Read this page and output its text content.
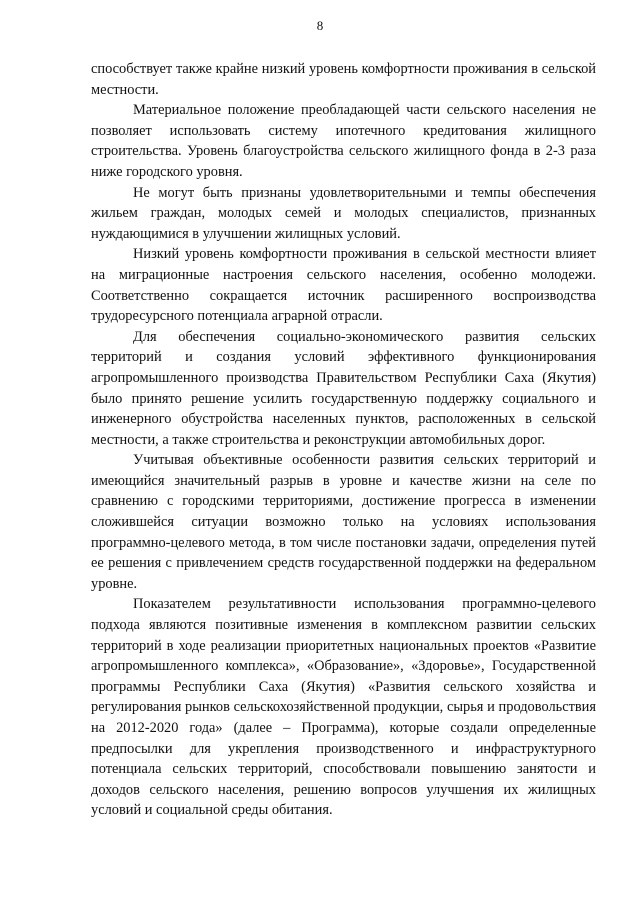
8

способствует также крайне низкий уровень комфортности проживания в сельской местности.

Материальное положение преобладающей части сельского населения не позволяет использовать систему ипотечного кредитования жилищного строительства. Уровень благоустройства сельского жилищного фонда в 2-3 раза ниже городского уровня.

Не могут быть признаны удовлетворительными и темпы обеспечения жильем граждан, молодых семей и молодых специалистов, признанных нуждающимися в улучшении жилищных условий.

Низкий уровень комфортности проживания в сельской местности влияет на миграционные настроения сельского населения, особенно молодежи. Соответственно сокращается источник расширенного воспроизводства трудоресурсного потенциала аграрной отрасли.

Для обеспечения социально-экономического развития сельских территорий и создания условий эффективного функционирования агропромышленного производства Правительством Республики Саха (Якутия) было принято решение усилить государственную поддержку социального и инженерного обустройства населенных пунктов, расположенных в сельской местности, а также строительства и реконструкции автомобильных дорог.

Учитывая объективные особенности развития сельских территорий и имеющийся значительный разрыв в уровне и качестве жизни на селе по сравнению с городскими территориями, достижение прогресса в изменении сложившейся ситуации возможно только на условиях использования программно-целевого метода, в том числе постановки задачи, определения путей ее решения с привлечением средств государственной поддержки на федеральном уровне.

Показателем результативности использования программно-целевого подхода являются позитивные изменения в комплексном развитии сельских территорий в ходе реализации приоритетных национальных проектов «Развитие агропромышленного комплекса», «Образование», «Здоровье», Государственной программы Республики Саха (Якутия) «Развития сельского хозяйства и регулирования рынков сельскохозяйственной продукции, сырья и продовольствия на 2012-2020 года» (далее – Программа), которые создали определенные предпосылки для укрепления производственного и инфраструктурного потенциала сельских территорий, способствовали повышению занятости и доходов сельского населения, решению вопросов улучшения их жилищных условий и социальной среды обитания.
